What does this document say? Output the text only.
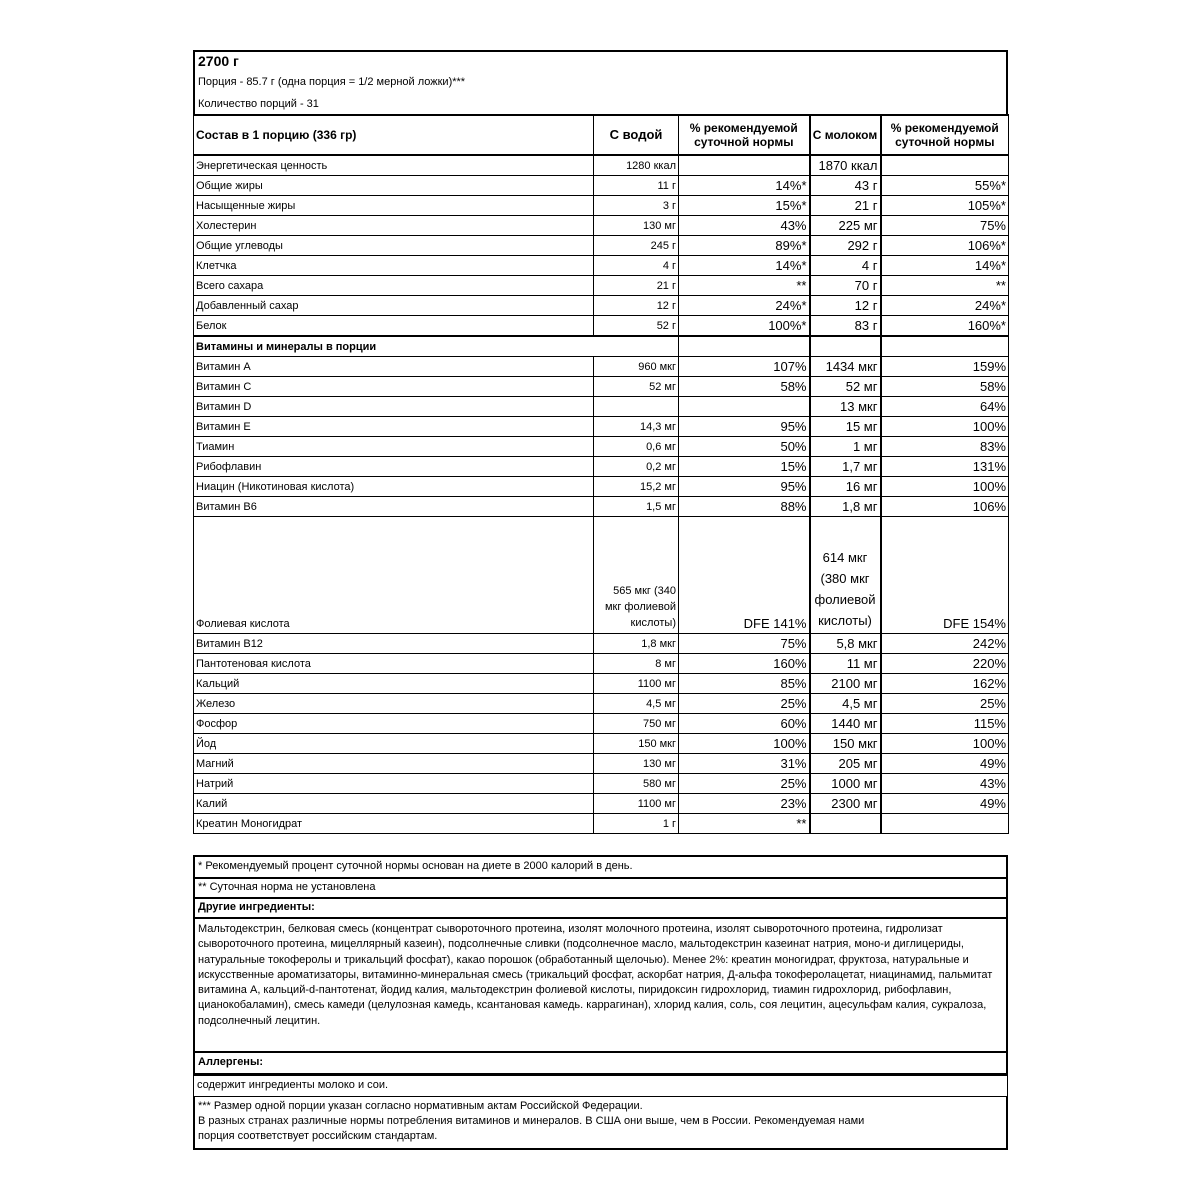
2700 г
Порция - 85.7 г (одна порция = 1/2 мерной ложки)***
Количество порций - 31
Состав в 1 порцию (336 гр)	С водой	% рекомендуемой суточной нормы	С молоком	% рекомендуемой суточной нормы
Энергетическая ценность	1280 ккал		1870 ккал	
Общие жиры	11 г	14%*	43 г	55%*
Насыщенные жиры	3 г	15%*	21 г	105%*
Холестерин	130 мг	43%	225 мг	75%
Общие углеводы	245 г	89%*	292 г	106%*
Клетчка	4 г	14%*	4 г	14%*
Всего сахара	21 г	**	70 г	**
Добавленный сахар	12 г	24%*	12 г	24%*
Белок	52 г	100%*	83 г	160%*
Витамины и минералы в порции				
Витамин А	960 мкг	107%	1434 мкг	159%
Витамин С	52 мг	58%	52 мг	58%
Витамин D			13 мкг	64%
Витамин Е	14,3 мг	95%	15 мг	100%
Тиамин	0,6 мг	50%	1 мг	83%
Рибофлавин	0,2 мг	15%	1,7 мг	131%
Ниацин (Никотиновая кислота)	15,2 мг	95%	16 мг	100%
Витамин В6	1,5 мг	88%	1,8 мг	106%
Фолиевая кислота	565 мкг (340 мкг фолиевой кислоты)	DFE 141%	614 мкг (380 мкг фолиевой кислоты)	DFE 154%
Витамин В12	1,8 мкг	75%	5,8 мкг	242%
Пантотеновая кислота	8 мг	160%	11 мг	220%
Кальций	1100 мг	85%	2100 мг	162%
Железо	4,5 мг	25%	4,5 мг	25%
Фосфор	750 мг	60%	1440 мг	115%
Йод	150 мкг	100%	150 мкг	100%
Магний	130 мг	31%	205 мг	49%
Натрий	580 мг	25%	1000 мг	43%
Калий	1100 мг	23%	2300 мг	49%
Креатин Моногидрат	1 г	**		
* Рекомендуемый процент суточной нормы основан на диете в 2000 калорий в день.
** Суточная норма не установлена
Другие ингредиенты:
Мальтодекстрин, белковая смесь (концентрат сывороточного протеина, изолят молочного протеина, изолят сывороточного протеина, гидролизат сывороточного протеина, мицеллярный казеин), подсолнечные сливки (подсолнечное масло, мальтодекстрин казеинат натрия, моно-и диглицериды, натуральные токоферолы и трикальций фосфат), какао порошок (обработанный щелочью). Менее 2%: креатин моногидрат, фруктоза, натуральные и искусственные ароматизаторы, витаминно-минеральная смесь (трикальций фосфат, аскорбат натрия, Д-альфа токоферолацетат, ниацинамид, пальмитат витамина А, кальций-d-пантотенат, йодид калия, мальтодекстрин фолиевой кислоты, пиридоксин гидрохлорид, тиамин гидрохлорид, рибофлавин, цианокобаламин), смесь камеди (целулозная камедь, ксантановая камедь. каррагинан), хлорид калия, соль, соя лецитин, ацесульфам калия, сукралоза, подсолнечный лецитин.
Аллергены:
содержит ингредиенты молоко и сои.
*** Размер одной порции указан согласно нормативным актам Российской Федерации.
В разных странах различные нормы потребления витаминов и минералов. В США они выше, чем в России. Рекомендуемая нами
порция соответствует российским стандартам.
